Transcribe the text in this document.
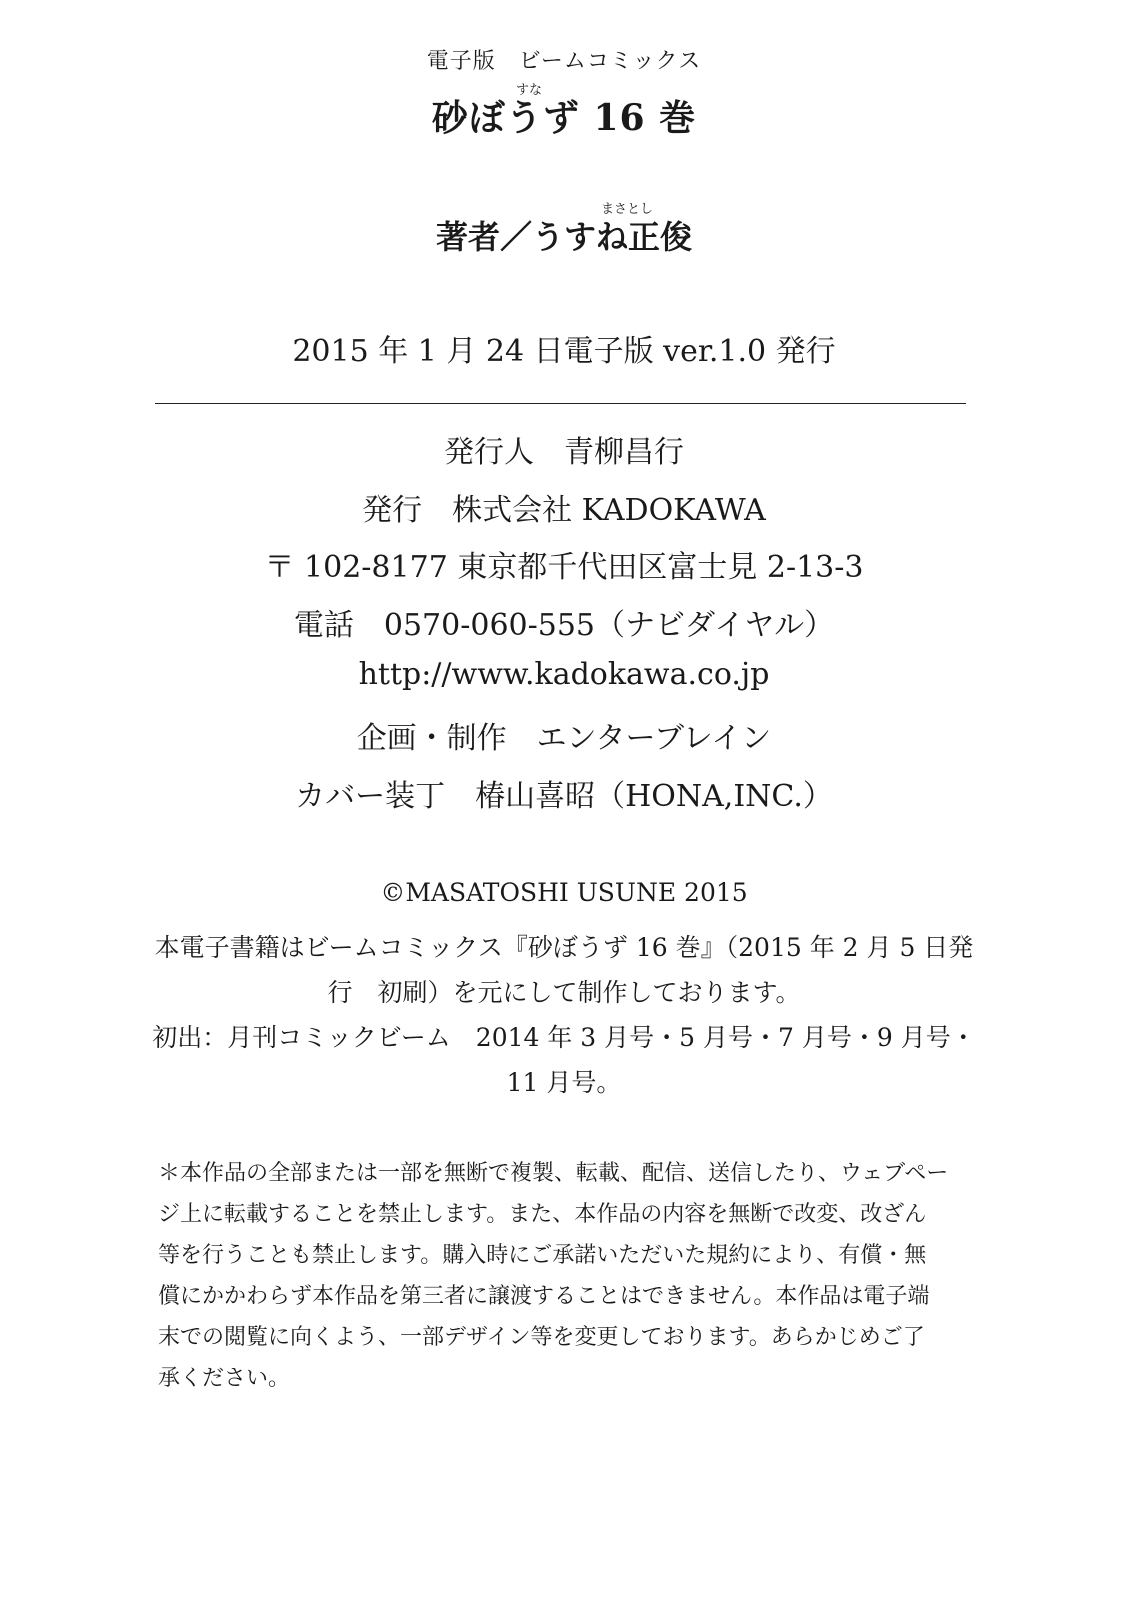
電子版　ビームコミックス
すな
砂ぼうず 16 巻
まさとし
著者／うすね正俊
2015 年 1 月 24 日電子版 ver.1.0 発行
発行人　青柳昌行
発行　株式会社 KADOKAWA
〒 102-8177 東京都千代田区富士見 2-13-3
電話　0570-060-555（ナビダイヤル）
http://www.kadokawa.co.jp
企画・制作　エンターブレイン
カバー装丁　椿山喜昭（HONA,INC.）
©MASATOSHI USUNE 2015
本電子書籍はビームコミックス『砂ぼうず 16 巻』（2015 年 2 月 5 日発
行　初刷）を元にして制作しております。
初出：月刊コミックビーム　2014 年 3 月号・5 月号・7 月号・9 月号・
11 月号。
＊本作品の全部または一部を無断で複製、転載、配信、送信したり、ウェブペー
ジ上に転載することを禁止します。また、本作品の内容を無断で改変、改ざん
等を行うことも禁止します。購入時にご承諾いただいた規約により、有償・無
償にかかわらず本作品を第三者に譲渡することはできません。本作品は電子端
末での閲覧に向くよう、一部デザイン等を変更しております。あらかじめご了
承ください。
